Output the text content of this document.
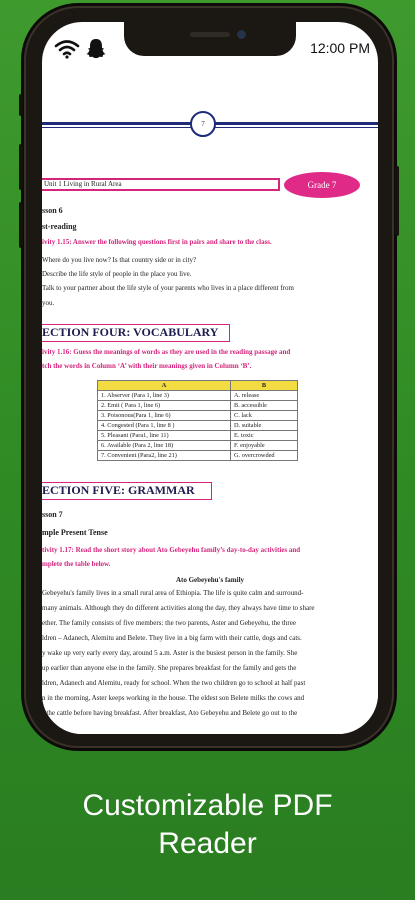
12:00 PM
7
Unit 1 Living in Rural Area	Grade 7
sson 6
st-reading
ivity 1.15: Answer the following questions first in pairs and share to the class.
Where do you live now? Is that country side or in city?
Describe the life style of people in the place you live.
Talk to your partner about the life style of your parents who lives in a place different from
you.
ECTION FOUR: VOCABULARY
ivity 1.16: Guess the meanings of words as they are used in the reading passage and
tch the words in Column ‘A’ with their meanings given in Column ‘B’.
A	B
1. Abserver (Para 1, line 3)	A. release
2. Emit ( Para 1, line 6)	B. accessible
3. Poisonous(Para 1, line 6)	C. lack
4. Congested (Para 1, line 8 )	D. suitable
5. Pleasant (Para1, line 11)	E. toxic
6. Available (Para 2, line 18)	F. enjoyable
7. Convenient (Para2, line 21)	G. overcrowded
ECTION FIVE: GRAMMAR
sson 7
mple Present Tense
tivity 1.17: Read the short story about Ato Gebeyehu family’s day-to-day activities and
mplete the table below.
Ato Gebeyehu's family
Gebeyehu's family lives in a small rural area of Ethiopia. The life is quite calm and surround-
many animals. Although they do different activities along the day, they always have time to share
ether. The family consists of five members: the two parents, Aster and Gebeyehu, the three
ldren – Adanech, Alemitu and Belete. They live in a big farm with their cattle, dogs and cats.
y wake up very early every day, around 5 a.m. Aster is the busiest person in the family. She
up earlier than anyone else in the family. She prepares breakfast for the family and gets the
ldren, Adanech and Alemitu, ready for school. When the two children go to school at half past
n in the morning, Aster keeps working in the house. The eldest son Belete milks the cows and
s the cattle before having breakfast. After breakfast, Ato Gebeyehu and Belete go out to the
Customizable PDF
Reader
